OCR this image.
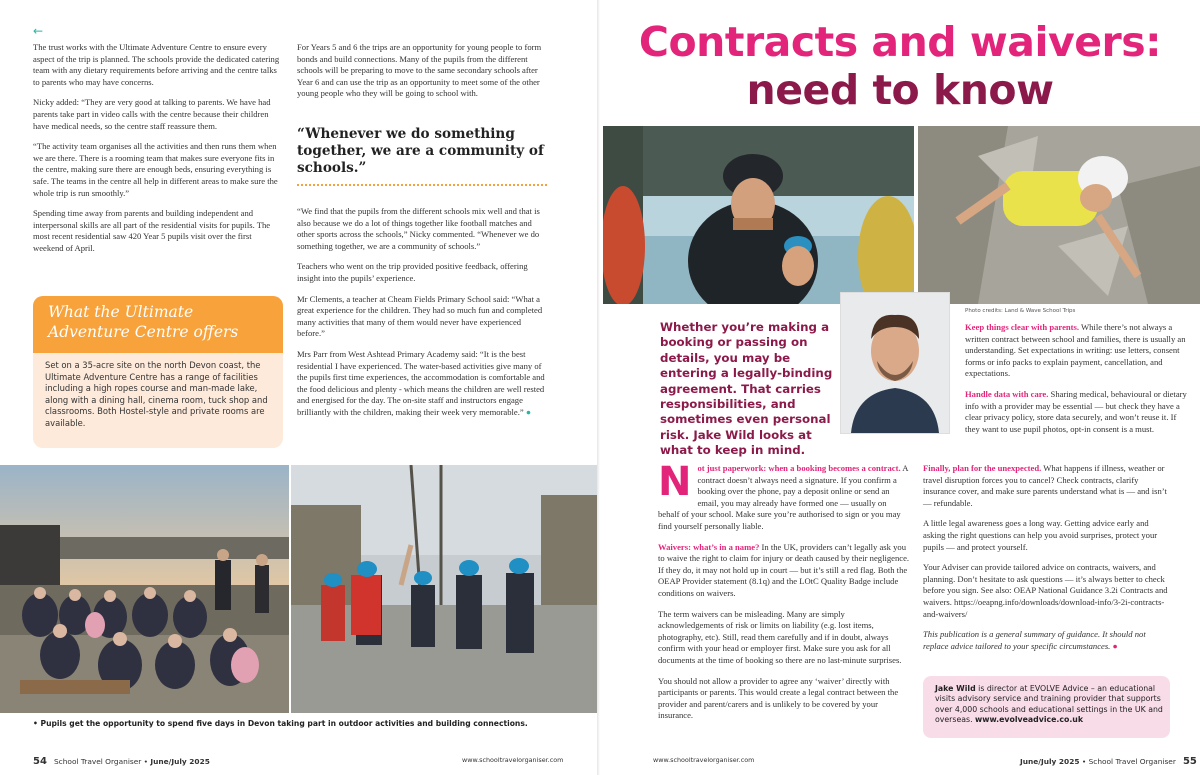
←

The trust works with the Ultimate Adventure Centre to ensure every aspect of the trip is planned. The schools provide the dedicated catering team with any dietary requirements before arriving and the centre talks to parents who may have concerns.

Nicky added: “They are very good at talking to parents. We have had parents take part in video calls with the centre because their children have medical needs, so the centre staff reassure them.

“The activity team organises all the activities and then runs them when we are there. There is a rooming team that makes sure everyone fits in the centre, making sure there are enough beds, ensuring everything is safe. The teams in the centre all help in different areas to make sure the whole trip is run smoothly.”

Spending time away from parents and building independent and interpersonal skills are all part of the residential visits for pupils. The most recent residential saw 420 Year 5 pupils visit over the first weekend of April.

For Years 5 and 6 the trips are an opportunity for young people to form bonds and build connections. Many of the pupils from the different schools will be preparing to move to the same secondary schools after Year 6 and can use the trip as an opportunity to meet some of the other young people who they will be going to school with.

“Whenever we do something together, we are a community of schools.”

“We find that the pupils from the different schools mix well and that is also because we do a lot of things together like football matches and other sports across the schools,” Nicky commented. “Whenever we do something together, we are a community of schools.”

Teachers who went on the trip provided positive feedback, offering insight into the pupils’ experience.

Mr Clements, a teacher at Cheam Fields Primary School said: “What a great experience for the children. They had so much fun and completed many activities that many of them would never have experienced before.”

Mrs Parr from West Ashtead Primary Academy said: “It is the best residential I have experienced. The water-based activities give many of the pupils first time experiences, the accommodation is comfortable and the food delicious and plenty - which means the children are well rested and energised for the day. The on-site staff and instructors engage brilliantly with the children, making their week very memorable.” ●

What the Ultimate Adventure Centre offers
Set on a 35-acre site on the north Devon coast, the Ultimate Adventure Centre has a range of facilities including a high ropes course and man-made lake, along with a dining hall, cinema room, tuck shop and classrooms. Both Hostel-style and private rooms are available.
• Pupils get the opportunity to spend five days in Devon taking part in outdoor activities and building connections.
54 School Travel Organiser • June/July 2025	www.schooltravelorganiser.com
Contracts and waivers:
need to know
Photo credits: Land & Wave School Trips
Whether you’re making a booking or passing on details, you may be entering a legally-binding agreement. That carries responsibilities, and sometimes even personal risk. Jake Wild looks at what to keep in mind.

Keep things clear with parents. While there’s not always a written contract between school and families, there is usually an understanding. Set expectations in writing: use letters, consent forms or info packs to explain payment, cancellation, and expectations.

Handle data with care. Sharing medical, behavioural or dietary info with a provider may be essential — but check they have a clear privacy policy, store data securely, and won’t reuse it. If they want to use pupil photos, opt-in consent is a must.

Not just paperwork: when a booking becomes a contract. A contract doesn’t always need a signature. If you confirm a booking over the phone, pay a deposit online or send an email, you may already have formed one — usually on behalf of your school. Make sure you’re authorised to sign or you may find yourself personally liable.

Waivers: what’s in a name? In the UK, providers can’t legally ask you to waive the right to claim for injury or death caused by their negligence. If they do, it may not hold up in court — but it’s still a red flag. Both the OEAP Provider statement (8.1q) and the LOtC Quality Badge include conditions on waivers.

The term waivers can be misleading. Many are simply acknowledgements of risk or limits on liability (e.g. lost items, photography, etc). Still, read them carefully and if in doubt, always confirm with your head or employer first. Make sure you ask for all documents at the time of booking so there are no last-minute surprises.

You should not allow a provider to agree any ‘waiver’ directly with participants or parents. This would create a legal contract between the provider and parent/carers and is unlikely to be covered by your insurance.

Finally, plan for the unexpected. What happens if illness, weather or travel disruption forces you to cancel? Check contracts, clarify insurance cover, and make sure parents understand what is — and isn’t — refundable.

A little legal awareness goes a long way. Getting advice early and asking the right questions can help you avoid surprises, protect your pupils — and protect yourself.

Your Adviser can provide tailored advice on contracts, waivers, and planning. Don’t hesitate to ask questions — it’s always better to check before you sign. See also: OEAP National Guidance 3.2i Contracts and waivers. https://oeapng.info/downloads/download-info/3-2i-contracts-and-waivers/

This publication is a general summary of guidance. It should not replace advice tailored to your specific circumstances. ●

Jake Wild is director at EVOLVE Advice – an educational visits advisory service and training provider that supports over 4,000 schools and educational settings in the UK and overseas. www.evolveadvice.co.uk
www.schooltravelorganiser.com	June/July 2025 • School Travel Organiser 55
